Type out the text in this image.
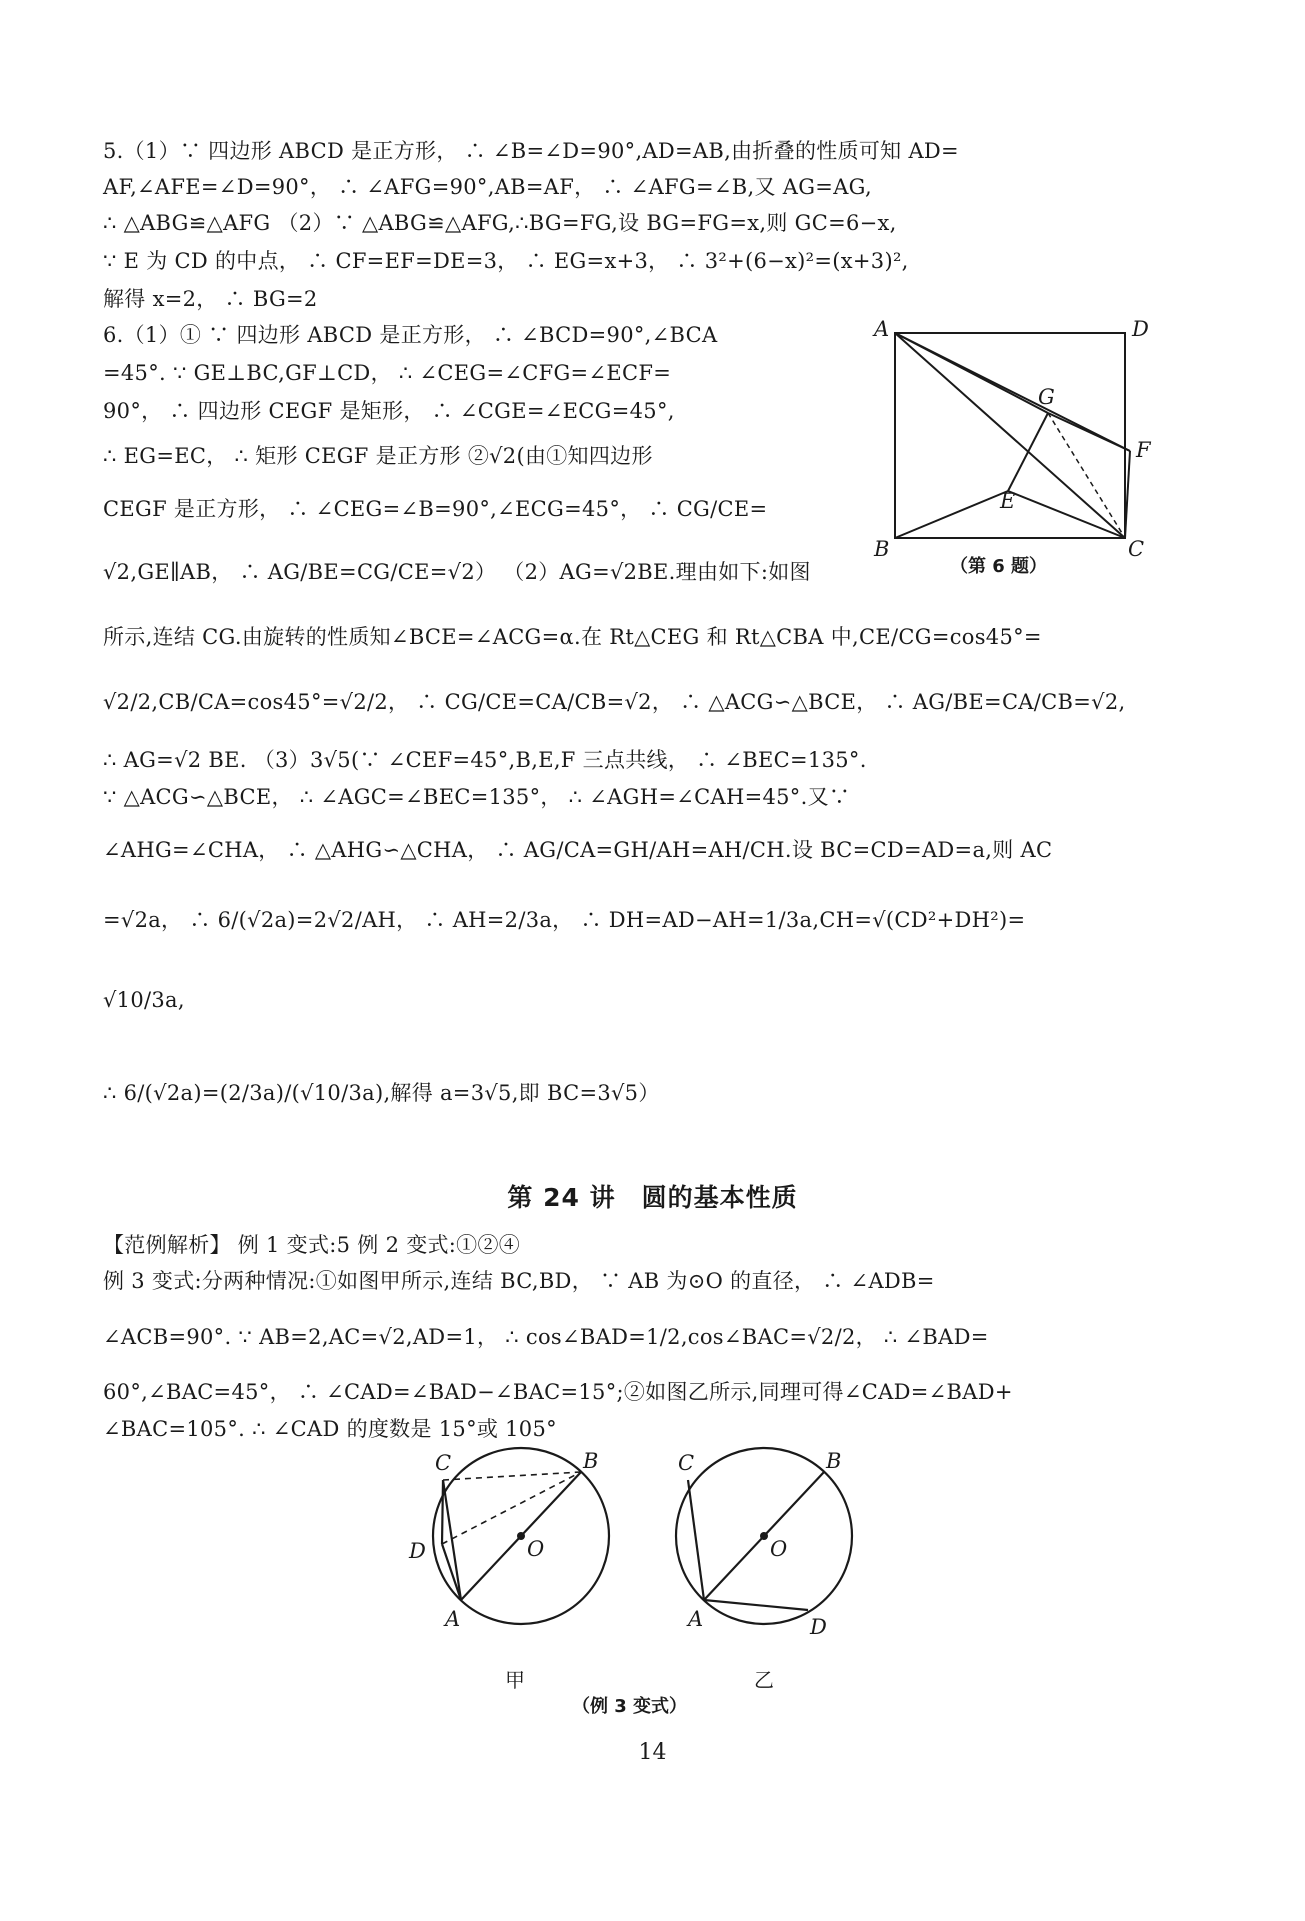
5.（1）∵ 四边形 ABCD 是正方形， ∴ ∠B=∠D=90°,AD=AB,由折叠的性质可知 AD=
AF,∠AFE=∠D=90°， ∴ ∠AFG=90°,AB=AF， ∴ ∠AFG=∠B,又 AG=AG,
∴ △ABG≌△AFG （2）∵ △ABG≌△AFG,∴BG=FG,设 BG=FG=x,则 GC=6−x,
∵ E 为 CD 的中点， ∴ CF=EF=DE=3， ∴ EG=x+3， ∴ 3²+(6−x)²=(x+3)²,
解得 x=2， ∴ BG=2
6.（1）① ∵ 四边形 ABCD 是正方形， ∴ ∠BCD=90°,∠BCA
=45°. ∵ GE⊥BC,GF⊥CD， ∴ ∠CEG=∠CFG=∠ECF=
90°， ∴ 四边形 CEGF 是矩形， ∴ ∠CGE=∠ECG=45°,
∴ EG=EC， ∴ 矩形 CEGF 是正方形 ②√2(由①知四边形
CEGF 是正方形， ∴ ∠CEG=∠B=90°,∠ECG=45°， ∴ CG/CE=
√2,GE∥AB， ∴ AG/BE=CG/CE=√2） （2）AG=√2BE.理由如下:如图
所示,连结 CG.由旋转的性质知∠BCE=∠ACG=α.在 Rt△CEG 和 Rt△CBA 中,CE/CG=cos45°=
√2/2,CB/CA=cos45°=√2/2， ∴ CG/CE=CA/CB=√2， ∴ △ACG∽△BCE， ∴ AG/BE=CA/CB=√2,
∴ AG=√2 BE. （3）3√5(∵ ∠CEF=45°,B,E,F 三点共线， ∴ ∠BEC=135°.
∵ △ACG∽△BCE， ∴ ∠AGC=∠BEC=135°， ∴ ∠AGH=∠CAH=45°.又∵
∠AHG=∠CHA， ∴ △AHG∽△CHA， ∴ AG/CA=GH/AH=AH/CH.设 BC=CD=AD=a,则 AC
=√2a， ∴ 6/(√2a)=2√2/AH， ∴ AH=2/3a， ∴ DH=AD−AH=1/3a,CH=√(CD²+DH²)=
√10/3a,
∴ 6/(√2a)=(2/3a)/(√10/3a),解得 a=3√5,即 BC=3√5）
A	D
G
F
E
B	C
（第 6 题）
第 24 讲　圆的基本性质
【范例解析】 例 1 变式:5 例 2 变式:①②④
例 3 变式:分两种情况:①如图甲所示,连结 BC,BD， ∵ AB 为⊙O 的直径， ∴ ∠ADB=
∠ACB=90°. ∵ AB=2,AC=√2,AD=1， ∴ cos∠BAD=1/2,cos∠BAC=√2/2， ∴ ∠BAD=
60°,∠BAC=45°， ∴ ∠CAD=∠BAD−∠BAC=15°;②如图乙所示,同理可得∠CAD=∠BAD+
∠BAC=105°. ∴ ∠CAD 的度数是 15°或 105°
C	B
D	O
A
C	B
O
A	D
甲	乙
（例 3 变式）
14
